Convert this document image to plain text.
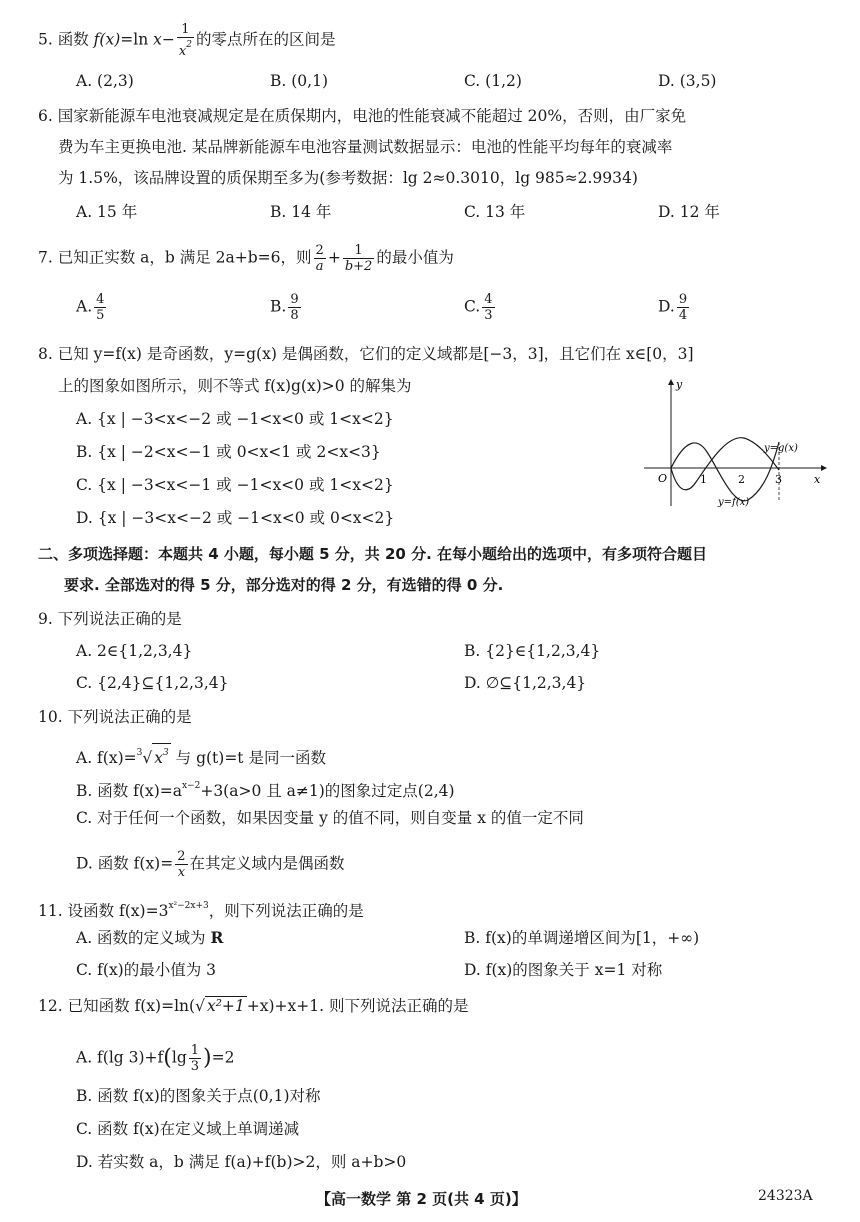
5. 函数 f(x)=ln $x- \frac{1}{x^2}$ 的零点所在的区间是
A. (2,3)	B. (0,1)	C. (1,2)	D. (3,5)
6. 国家新能源车电池衰减规定是在质保期内，电池的性能衰减不能超过 20%，否则，由厂家免
费为车主更换电池. 某品牌新能源车电池容量测试数据显示：电池的性能平均每年的衰减率
为 1.5%，该品牌设置的质保期至多为(参考数据：lg 2≈0.3010，lg 985≈2.9934)
A. 15 年	B. 14 年	C. 13 年	D. 12 年
7. 已知正实数 a，b 满足 2a+b=6，则 $\frac{2}{a} + \frac{1}{b+2}$ 的最小值为
A. $\frac{4}{5}$	B. $\frac{9}{8}$	C. $\frac{4}{3}$	D. $\frac{9}{4}$
8. 已知 y=f(x) 是奇函数，y=g(x) 是偶函数，它们的定义域都是[−3，3]，且它们在 x∈[0，3]
上的图象如图所示，则不等式 f(x)g(x)>0 的解集为
A. {x | −3<x<−2 或 −1<x<0 或 1<x<2}
B. {x | −2<x<−1 或 0<x<1 或 2<x<3}
C. {x | −3<x<−1 或 −1<x<0 或 1<x<2}
D. {x | −3<x<−2 或 −1<x<0 或 0<x<2}
y
x
O	1	2	3
y=g(x)
y=f(x)
二、多项选择题：本题共 4 小题，每小题 5 分，共 20 分. 在每小题给出的选项中，有多项符合题目
要求. 全部选对的得 5 分，部分选对的得 2 分，有选错的得 0 分.
9. 下列说法正确的是
A. 2∈{1,2,3,4}	B. {2}∈{1,2,3,4}
C. {2,4}⊆{1,2,3,4}	D. ∅⊆{1,2,3,4}
10. 下列说法正确的是
A. f(x)=$^3$√ $x^3$ 与 g(t)=t 是同一函数
B. 函数 $f(x)=a^{x-2}+3(a>0$ 且 a≠1)的图象过定点(2,4)
C. 对于任何一个函数，如果因变量 y 的值不同，则自变量 x 的值一定不同
D. 函数 $f(x)= \frac{2}{x}$ 在其定义域内是偶函数
11. 设函数 $f(x)=3^{x^2-2x+3}$，则下列说法正确的是
A. 函数的定义域为 R	B. f(x)的单调递增区间为[1，+∞)
C. f(x)的最小值为 3	D. f(x)的图象关于 x=1 对称
12. 已知函数 f(x)=ln(√ x²+1 +x)+x+1. 则下列说法正确的是
A. f(lg $3)+f(\lg \frac{1}{3} )=2$
B. 函数 f(x)的图象关于点(0,1)对称
C. 函数 f(x)在定义域上单调递减
D. 若实数 a，b 满足 f(a)+f(b)>2，则 a+b>0
【高一数学 第 2 页(共 4 页)】	24323A
